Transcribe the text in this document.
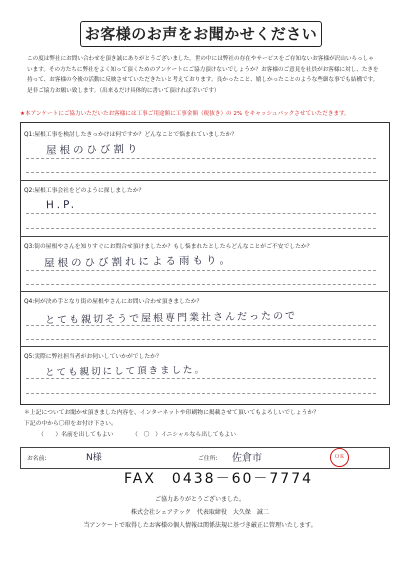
お客様のお声をお聞かせください
この度は弊社にお問い合わせを頂き誠にありがとうございました。世の中には弊社の存在やサービスをご存知ないお客様が沢山いらっしゃいます。その方たちに弊社をよく知って頂くためのアンケートにご協力頂けないでしょうか？お客様のご意見を社員がお客様に対し、たきを持って、お客様の今後の活動に反映させていただきたいと考えております。良かったこと、嬉しかったことのような些細な事でも結構です。是非ご協力お願い致します。（出来るだけ具体的に書いて頂ければ幸いです）
★本アンケートにご協力いただいたお客様には工事ご用途額に工事金額（税抜き）の 2% をキャッシュバックさせていただきます。
Q1:屋根工事を検討したきっかけは何ですか？どんなことで悩まれていましたか？
屋根のひび割り
Q2:屋根工事会社をどのように探しましたか？
H.P.
Q3:街の屋根やさんを知りすぐにお問合せ頂けましたか？もし悩まれたとしたらどんなことがご不安でしたか？
屋根のひび割れによる雨もり。
Q4:何が決め手となり街の屋根やさんにお問い合わせ頂きましたか？
とても親切そうで屋根専門業社さんだったので
Q5:実際に弊社担当者がお伺いしていかがでしたか？
とても親切にして頂きました。
＊上記についてお聞かせ頂きました内容を、インターネットや印刷物に掲載させて頂いてもよろしいでしょうか？
下記の中から〇印をお付け下さい。
（　　）名前を出してもよい	（　〇　）イニシャルなら出してもよい
お名前:	N様	ご住所: 佐倉市	ＯＫ
FAX　0438－60－7774
ご協力ありがとうございました。
株式会社シェアテック　代表取締役　大久保　誠二
当アンケートで取得したお客様の個人情報は関係法規に基づき厳正に管理いたします。
